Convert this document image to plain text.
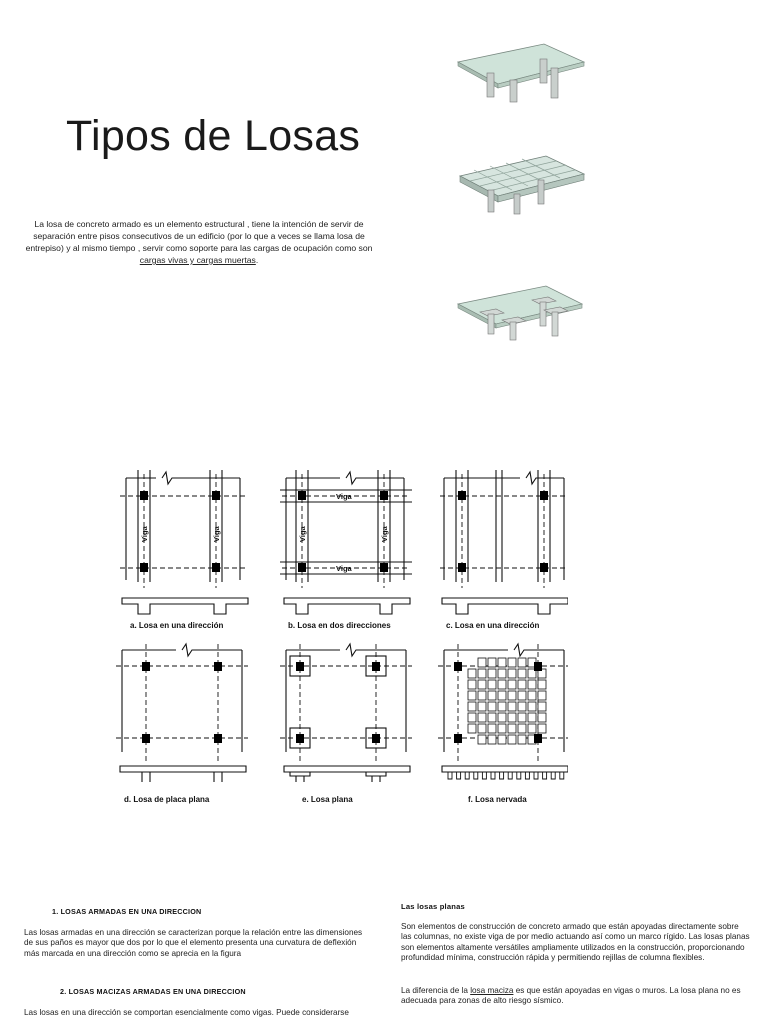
Tipos de Losas
La losa de concreto armado es un elemento estructural , tiene la intención de servir de separación entre pisos consecutivos de un edificio (por lo que a veces se llama losa de entrepiso) y al mismo tiempo , servir como soporte para las cargas de ocupación como son cargas vivas y cargas muertas.
Viga	Viga
a. Losa en una dirección
Viga
Viga
Viga	Viga
b. Losa en dos direcciones	c. Losa en una dirección
d. Losa de placa plana	e. Losa plana	f. Losa nervada
1. LOSAS ARMADAS EN UNA DIRECCION
Las losas armadas en una dirección se caracterizan porque la relación entre las dimensiones de sus paños es mayor que dos por lo que el elemento presenta una curvatura de deflexión más marcada en una dirección como se aprecia en la figura
2. LOSAS MACIZAS ARMADAS EN UNA DIRECCION
Las losas en una dirección se comportan esencialmente como vigas. Puede considerarse
Las losas planas
Son elementos de construcción de concreto armado que están apoyadas directamente sobre las columnas, no existe viga de por medio actuando así como un marco rígido. Las losas planas son elementos altamente versátiles ampliamente utilizados en la construcción, proporcionando profundidad mínima, construcción rápida y permitiendo rejillas de columna flexibles.
La diferencia de la losa maciza es que están apoyadas en vigas o muros. La losa plana no es adecuada para zonas de alto riesgo sísmico.
